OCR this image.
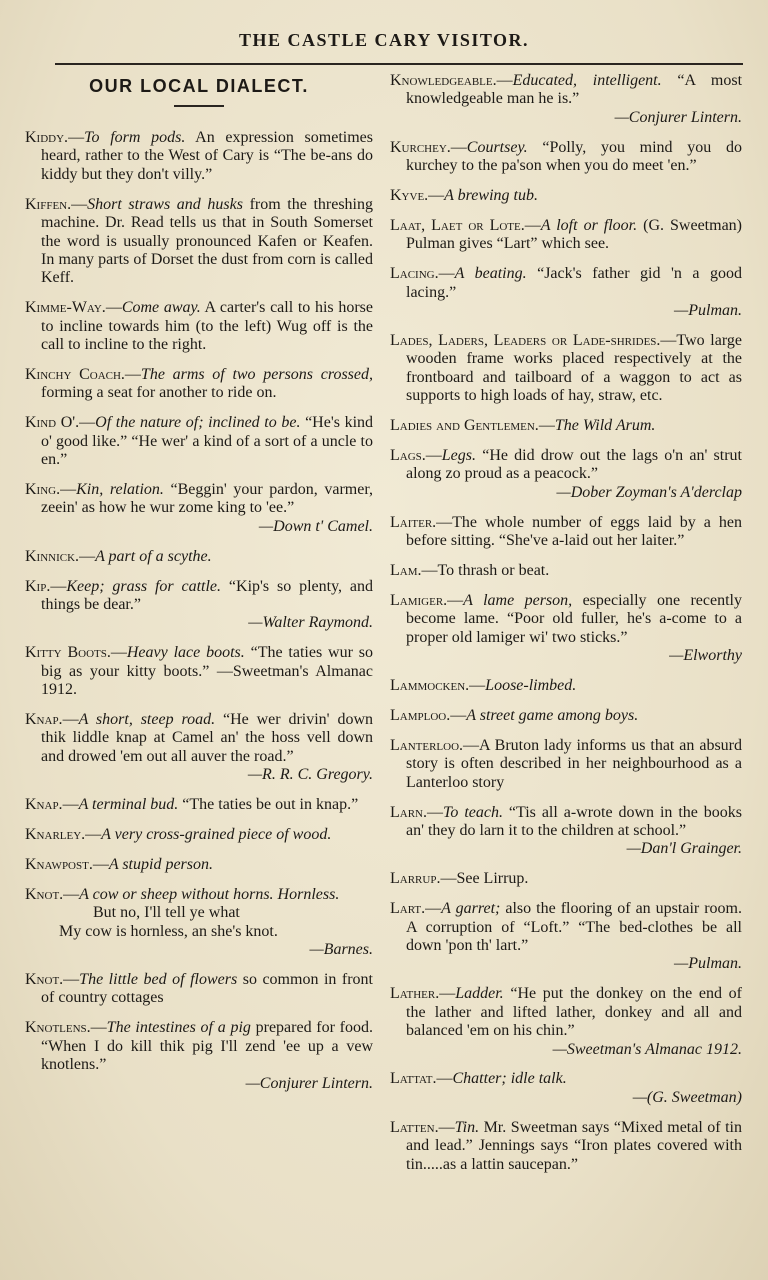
THE CASTLE CARY VISITOR.
OUR LOCAL DIALECT.
Kiddy.—To form pods. An expression sometimes heard, rather to the West of Cary is “The be-ans do kiddy but they don't villy.”
Kiffen.—Short straws and husks from the threshing machine. Dr. Read tells us that in South Somerset the word is usually pronounced Kafen or Keafen. In many parts of Dorset the dust from corn is called Keff.
Kimme-Way.—Come away. A carter's call to his horse to incline towards him (to the left) Wug off is the call to incline to the right.
Kinchy Coach.—The arms of two persons crossed, forming a seat for another to ride on.
Kind O'.—Of the nature of; inclined to be. “He's kind o' good like.” “He wer' a kind of a sort of a uncle to en.”
King.—Kin, relation. “Beggin' your pardon, varmer, zeein' as how he wur zome king to 'ee.”
—Down t' Camel.
Kinnick.—A part of a scythe.
Kip.—Keep; grass for cattle. “Kip's so plenty, and things be dear.”
—Walter Raymond.
Kitty Boots.—Heavy lace boots. “The taties wur so big as your kitty boots.” —Sweetman's Almanac 1912.
Knap.—A short, steep road. “He wer drivin' down thik liddle knap at Camel an' the hoss vell down and drowed 'em out all auver the road.”
—R. R. C. Gregory.
Knap.—A terminal bud. “The taties be out in knap.”
Knarley.—A very cross-grained piece of wood.
Knawpost.—A stupid person.
Knot.—A cow or sheep without horns. Hornless.
But no, I'll tell ye what
My cow is hornless, an she's knot.
—Barnes.
Knot.—The little bed of flowers so common in front of country cottages
Knotlens.—The intestines of a pig prepared for food. “When I do kill thik pig I'll zend 'ee up a vew knotlens.”
—Conjurer Lintern.
Knowledgeable.—Educated, intelligent. “A most knowledgeable man he is.”
—Conjurer Lintern.
Kurchey.—Courtsey. “Polly, you mind you do kurchey to the pa'son when you do meet 'en.”
Kyve.—A brewing tub.
Laat, Laet or Lote.—A loft or floor. (G. Sweetman) Pulman gives “Lart” which see.
Lacing.—A beating. “Jack's father gid 'n a good lacing.”
—Pulman.
Lades, Laders, Leaders or Lade-shrides.—Two large wooden frame works placed respectively at the frontboard and tailboard of a waggon to act as supports to high loads of hay, straw, etc.
Ladies and Gentlemen.—The Wild Arum.
Lags.—Legs. “He did drow out the lags o'n an' strut along zo proud as a peacock.”
—Dober Zoyman's A'derclap
Laiter.—The whole number of eggs laid by a hen before sitting. “She've a-laid out her laiter.”
Lam.—To thrash or beat.
Lamiger.—A lame person, especially one recently become lame. “Poor old fuller, he's a-come to a proper old lamiger wi' two sticks.”
—Elworthy
Lammocken.—Loose-limbed.
Lamploo.—A street game among boys.
Lanterloo.—A Bruton lady informs us that an absurd story is often described in her neighbourhood as a Lanterloo story
Larn.—To teach. “Tis all a-wrote down in the books an' they do larn it to the children at school.”
—Dan'l Grainger.
Larrup.—See Lirrup.
Lart.—A garret; also the flooring of an upstair room. A corruption of “Loft.” “The bed-clothes be all down 'pon th' lart.”
—Pulman.
Lather.—Ladder. “He put the donkey on the end of the lather and lifted lather, donkey and all and balanced 'em on his chin.”
—Sweetman's Almanac 1912.
Lattat.—Chatter; idle talk.
—(G. Sweetman)
Latten.—Tin. Mr. Sweetman says “Mixed metal of tin and lead.” Jennings says “Iron plates covered with tin.....as a lattin saucepan.”
